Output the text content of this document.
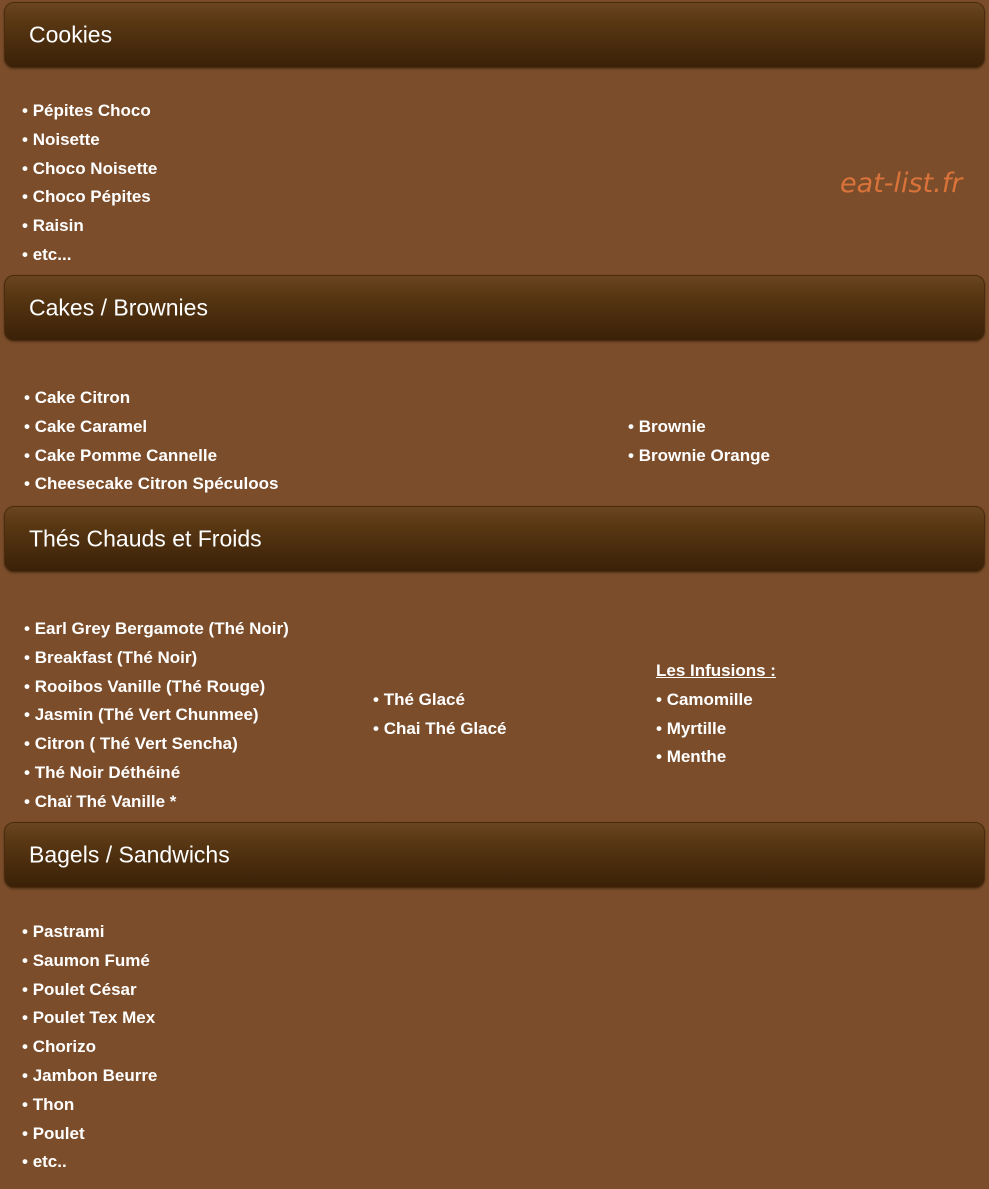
Cookies
• Pépites Choco
• Noisette
• Choco Noisette
• Choco Pépites
• Raisin
• etc...
eat-list.fr
Cakes / Brownies
• Cake Citron
• Cake Caramel
• Cake Pomme Cannelle
• Cheesecake Citron Spéculoos
• Brownie
• Brownie Orange
Thés Chauds et Froids
• Earl Grey Bergamote (Thé Noir)
• Breakfast (Thé Noir)
• Rooibos Vanille (Thé Rouge)
• Jasmin (Thé Vert Chunmee)
• Citron ( Thé Vert Sencha)
• Thé Noir Déthéiné
• Chaï Thé Vanille *
• Thé Glacé
• Chai Thé Glacé
Les Infusions :
• Camomille
• Myrtille
• Menthe
Bagels / Sandwichs
• Pastrami
• Saumon Fumé
• Poulet César
• Poulet Tex Mex
• Chorizo
• Jambon Beurre
• Thon
• Poulet
• etc..
